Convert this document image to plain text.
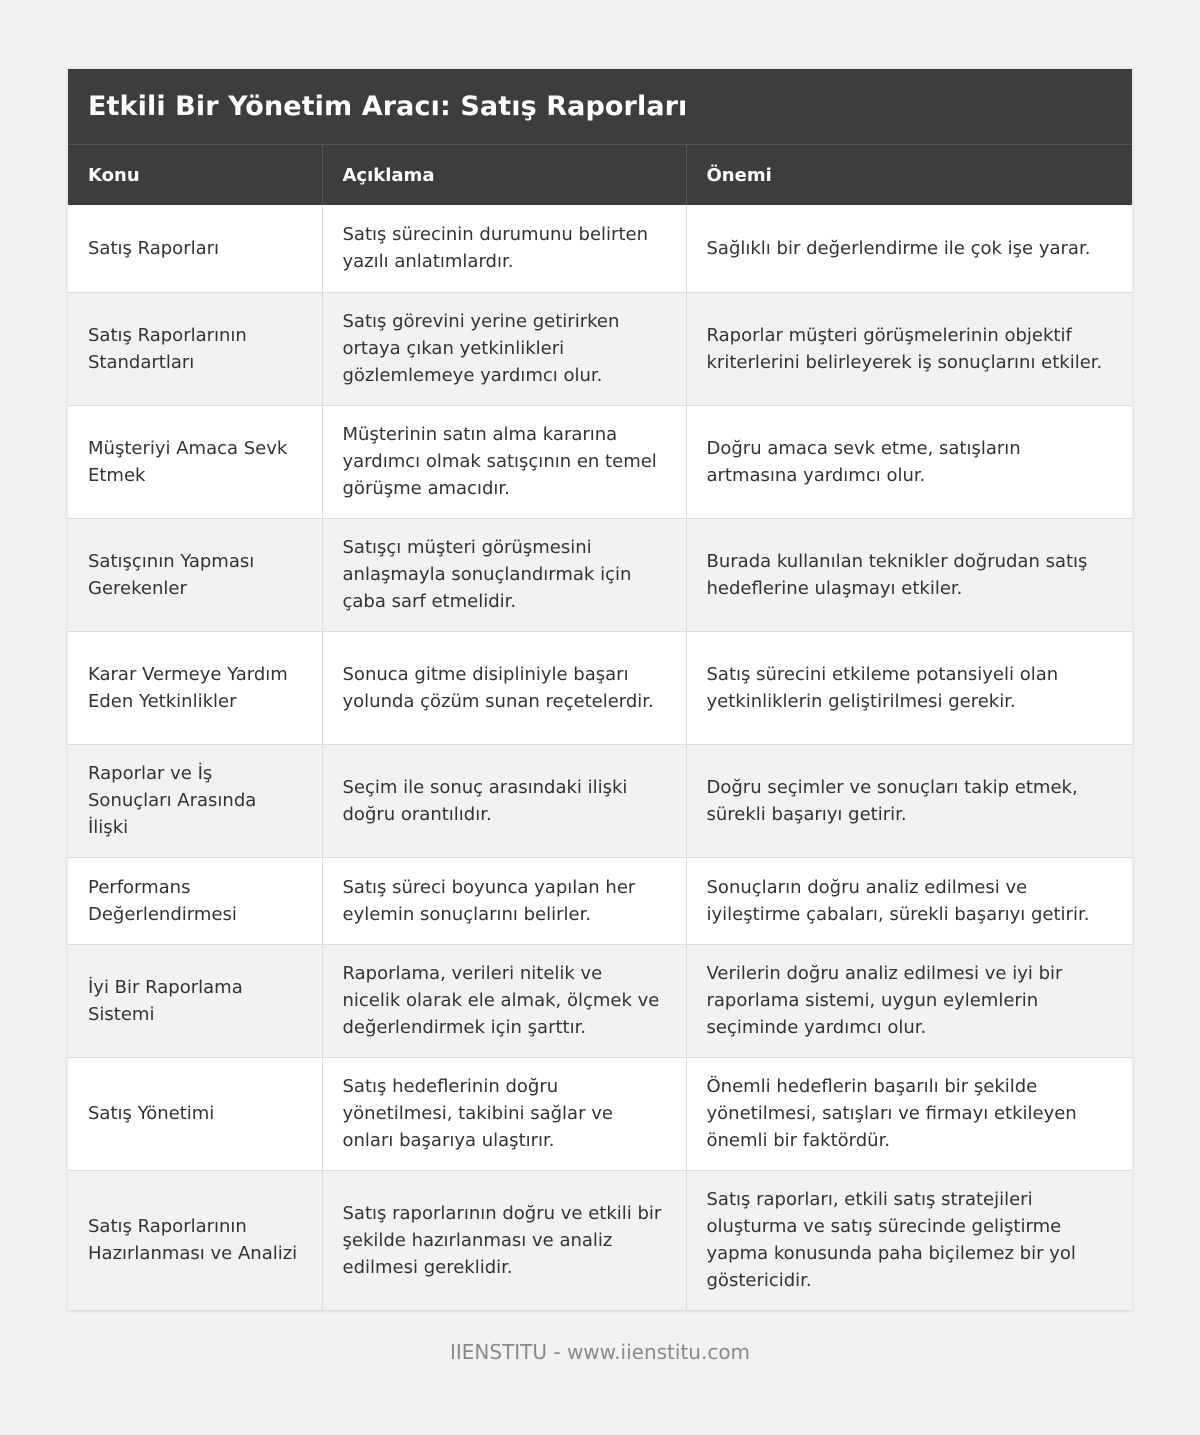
Etkili Bir Yönetim Aracı: Satış Raporları
Konu	Açıklama	Önemi
Satış Raporları	Satış sürecinin durumunu belirten yazılı anlatımlardır.	Sağlıklı bir değerlendirme ile çok işe yarar.
Satış Raporlarının Standartları	Satış görevini yerine getirirken ortaya çıkan yetkinlikleri gözlemlemeye yardımcı olur.	Raporlar müşteri görüşmelerinin objektif kriterlerini belirleyerek iş sonuçlarını etkiler.
Müşteriyi Amaca Sevk Etmek	Müşterinin satın alma kararına yardımcı olmak satışçının en temel görüşme amacıdır.	Doğru amaca sevk etme, satışların artmasına yardımcı olur.
Satışçının Yapması Gerekenler	Satışçı müşteri görüşmesini anlaşmayla sonuçlandırmak için çaba sarf etmelidir.	Burada kullanılan teknikler doğrudan satış hedeflerine ulaşmayı etkiler.
Karar Vermeye Yardım Eden Yetkinlikler	Sonuca gitme disipliniyle başarı yolunda çözüm sunan reçetelerdir.	Satış sürecini etkileme potansiyeli olan yetkinliklerin geliştirilmesi gerekir.
Raporlar ve İş Sonuçları Arasında İlişki	Seçim ile sonuç arasındaki ilişki doğru orantılıdır.	Doğru seçimler ve sonuçları takip etmek, sürekli başarıyı getirir.
Performans Değerlendirmesi	Satış süreci boyunca yapılan her eylemin sonuçlarını belirler.	Sonuçların doğru analiz edilmesi ve iyileştirme çabaları, sürekli başarıyı getirir.
İyi Bir Raporlama Sistemi	Raporlama, verileri nitelik ve nicelik olarak ele almak, ölçmek ve değerlendirmek için şarttır.	Verilerin doğru analiz edilmesi ve iyi bir raporlama sistemi, uygun eylemlerin seçiminde yardımcı olur.
Satış Yönetimi	Satış hedeflerinin doğru yönetilmesi, takibini sağlar ve onları başarıya ulaştırır.	Önemli hedeflerin başarılı bir şekilde yönetilmesi, satışları ve firmayı etkileyen önemli bir faktördür.
Satış Raporlarının Hazırlanması ve Analizi	Satış raporlarının doğru ve etkili bir şekilde hazırlanması ve analiz edilmesi gereklidir.	Satış raporları, etkili satış stratejileri oluşturma ve satış sürecinde geliştirme yapma konusunda paha biçilemez bir yol göstericidir.
IIENSTITU - www.iienstitu.com
